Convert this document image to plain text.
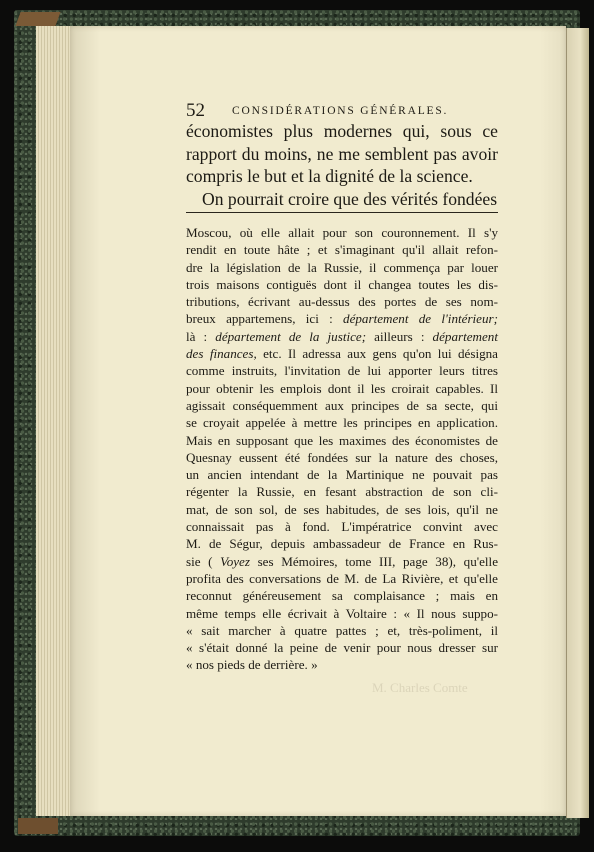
52 CONSIDÉRATIONS GÉNÉRALES.

économistes plus modernes qui, sous ce rapport du moins, ne me semblent pas avoir compris le but et la dignité de la science.

On pourrait croire que des vérités fondées

Moscou, où elle allait pour son couronnement. Il s'y
rendit en toute hâte ; et s'imaginant qu'il allait refon-
dre la législation de la Russie, il commença par louer
trois maisons contiguës dont il changea toutes les dis-
tributions, écrivant au-dessus des portes de ses nom-
breux appartemens, ici : département de l'intérieur;
là : département de la justice; ailleurs : département
des finances, etc. Il adressa aux gens qu'on lui désigna
comme instruits, l'invitation de lui apporter leurs titres
pour obtenir les emplois dont il les croirait capables. Il
agissait conséquemment aux principes de sa secte, qui
se croyait appelée à mettre les principes en application.
Mais en supposant que les maximes des économistes de
Quesnay eussent été fondées sur la nature des choses,
un ancien intendant de la Martinique ne pouvait pas
régenter la Russie, en fesant abstraction de son cli-
mat, de son sol, de ses habitudes, de ses lois, qu'il ne
connaissait pas à fond. L'impératrice convint avec
M. de Ségur, depuis ambassadeur de France en Rus-
sie ( Voyez ses Mémoires, tome III, page 38), qu'elle
profita des conversations de M. de La Rivière, et qu'elle
reconnut généreusement sa complaisance ; mais en
même temps elle écrivait à Voltaire : « Il nous suppo-
« sait marcher à quatre pattes ; et, très-poliment, il
« s'était donné la peine de venir pour nous dresser sur
« nos pieds de derrière. »
M. Charles Comte
